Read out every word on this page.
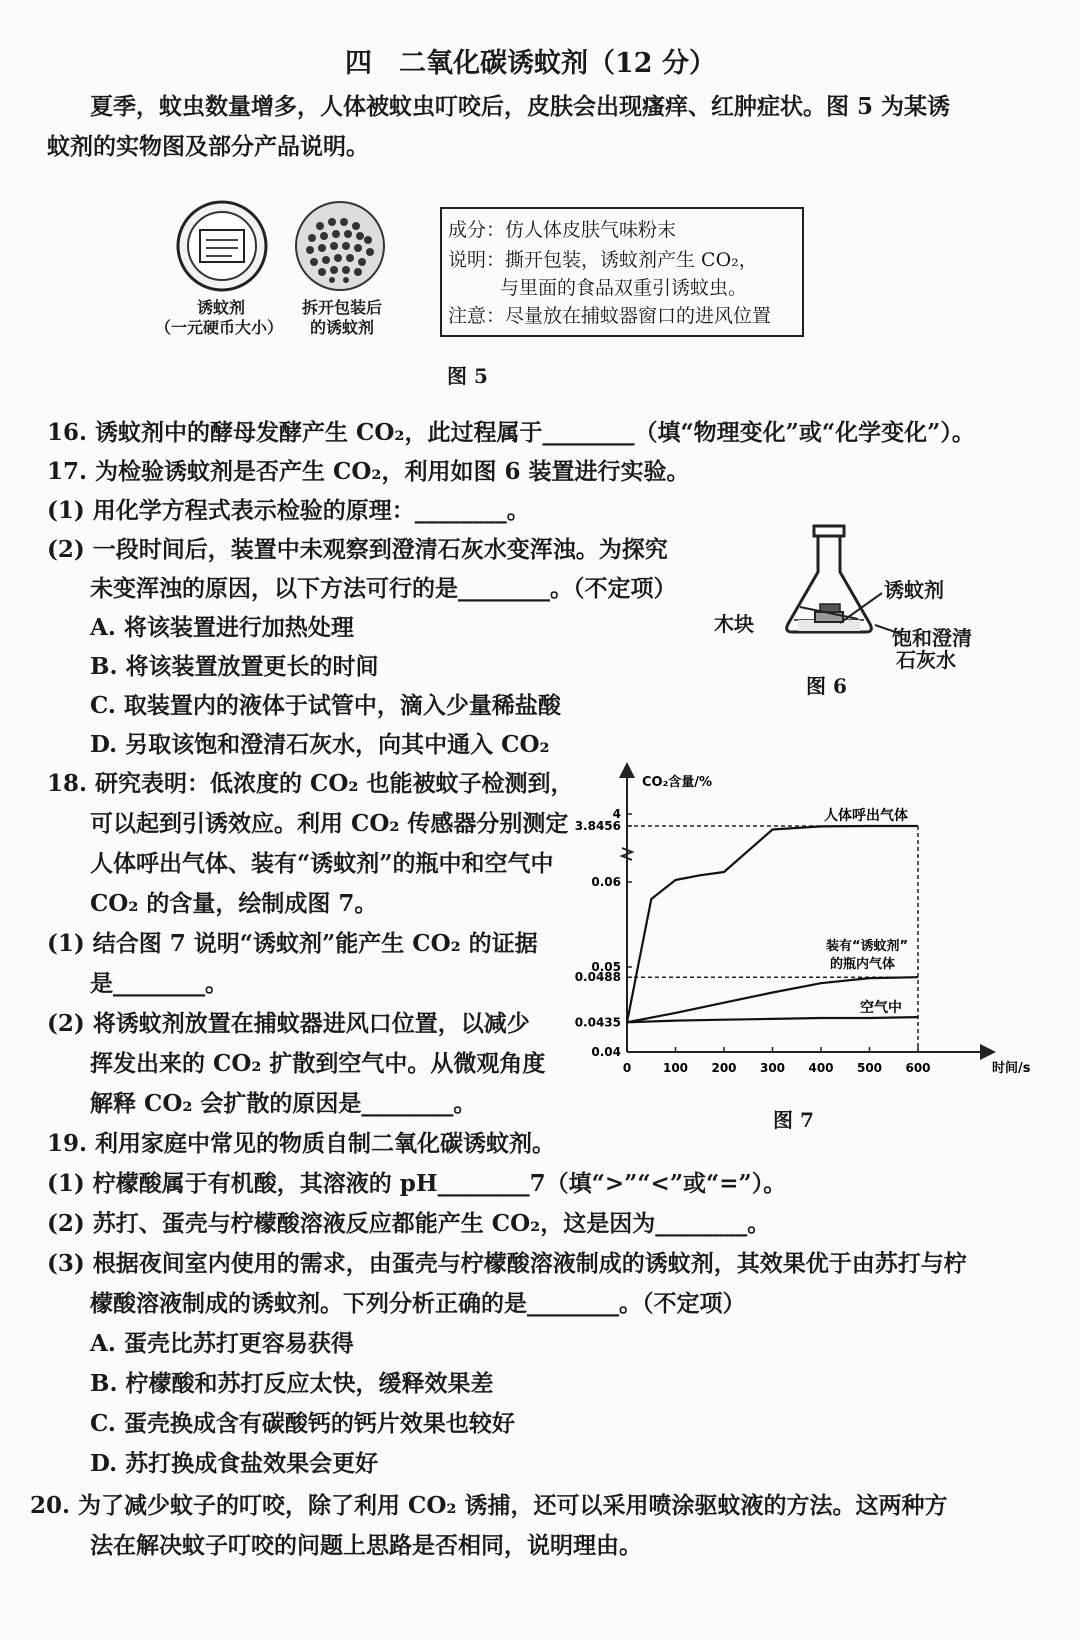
四　二氧化碳诱蚊剂（12 分）
夏季，蚊虫数量增多，人体被蚊虫叮咬后，皮肤会出现瘙痒、红肿症状。图 5 为某诱
蚊剂的实物图及部分产品说明。
诱蚊剂
（一元硬币大小）
拆开包装后
的诱蚊剂
成分：仿人体皮肤气味粉末
说明：撕开包装，诱蚊剂产生 CO₂，
与里面的食品双重引诱蚊虫。
注意：尽量放在捕蚊器窗口的进风位置
图 5
16. 诱蚊剂中的酵母发酵产生 CO₂，此过程属于________（填“物理变化”或“化学变化”）。
17. 为检验诱蚊剂是否产生 CO₂，利用如图 6 装置进行实验。
(1) 用化学方程式表示检验的原理：________。
(2) 一段时间后，装置中未观察到澄清石灰水变浑浊。为探究
未变浑浊的原因，以下方法可行的是________。（不定项）
A. 将该装置进行加热处理
B. 将该装置放置更长的时间
C. 取装置内的液体于试管中，滴入少量稀盐酸
D. 另取该饱和澄清石灰水，向其中通入 CO₂
诱蚊剂
木块
饱和澄清
石灰水
图 6
18. 研究表明：低浓度的 CO₂ 也能被蚊子检测到，
可以起到引诱效应。利用 CO₂ 传感器分别测定
人体呼出气体、装有“诱蚊剂”的瓶中和空气中
CO₂ 的含量，绘制成图 7。
(1) 结合图 7 说明“诱蚊剂”能产生 CO₂ 的证据
是________。
(2) 将诱蚊剂放置在捕蚊器进风口位置，以减少
挥发出来的 CO₂ 扩散到空气中。从微观角度
解释 CO₂ 会扩散的原因是________。
CO₂含量/%
时间/s
0	100 200 300 400 500 600
0.04
0.0435
0.0488
0.05
0.06
3.8456
4	人体呼出气体
装有“诱蚊剂”
的瓶内气体
空气中
图 7
19. 利用家庭中常见的物质自制二氧化碳诱蚊剂。
(1) 柠檬酸属于有机酸，其溶液的 pH________7（填“>”“<”或“=”）。
(2) 苏打、蛋壳与柠檬酸溶液反应都能产生 CO₂，这是因为________。
(3) 根据夜间室内使用的需求，由蛋壳与柠檬酸溶液制成的诱蚊剂，其效果优于由苏打与柠
檬酸溶液制成的诱蚊剂。下列分析正确的是________。（不定项）
A. 蛋壳比苏打更容易获得
B. 柠檬酸和苏打反应太快，缓释效果差
C. 蛋壳换成含有碳酸钙的钙片效果也较好
D. 苏打换成食盐效果会更好
20. 为了减少蚊子的叮咬，除了利用 CO₂ 诱捕，还可以采用喷涂驱蚊液的方法。这两种方
法在解决蚊子叮咬的问题上思路是否相同，说明理由。
